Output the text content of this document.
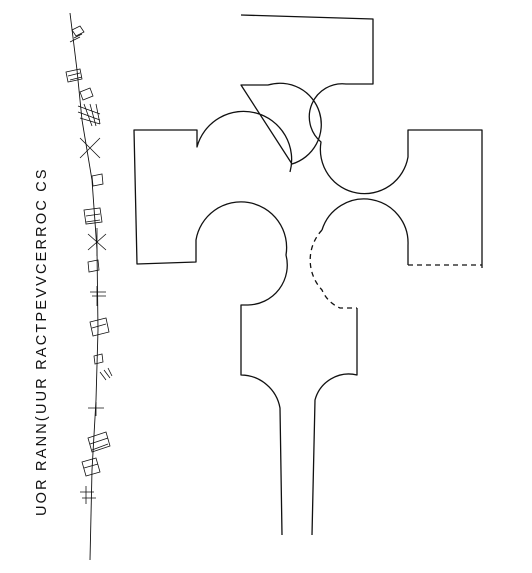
UOR RANN(UUR RACTPEVVCERROC CS
